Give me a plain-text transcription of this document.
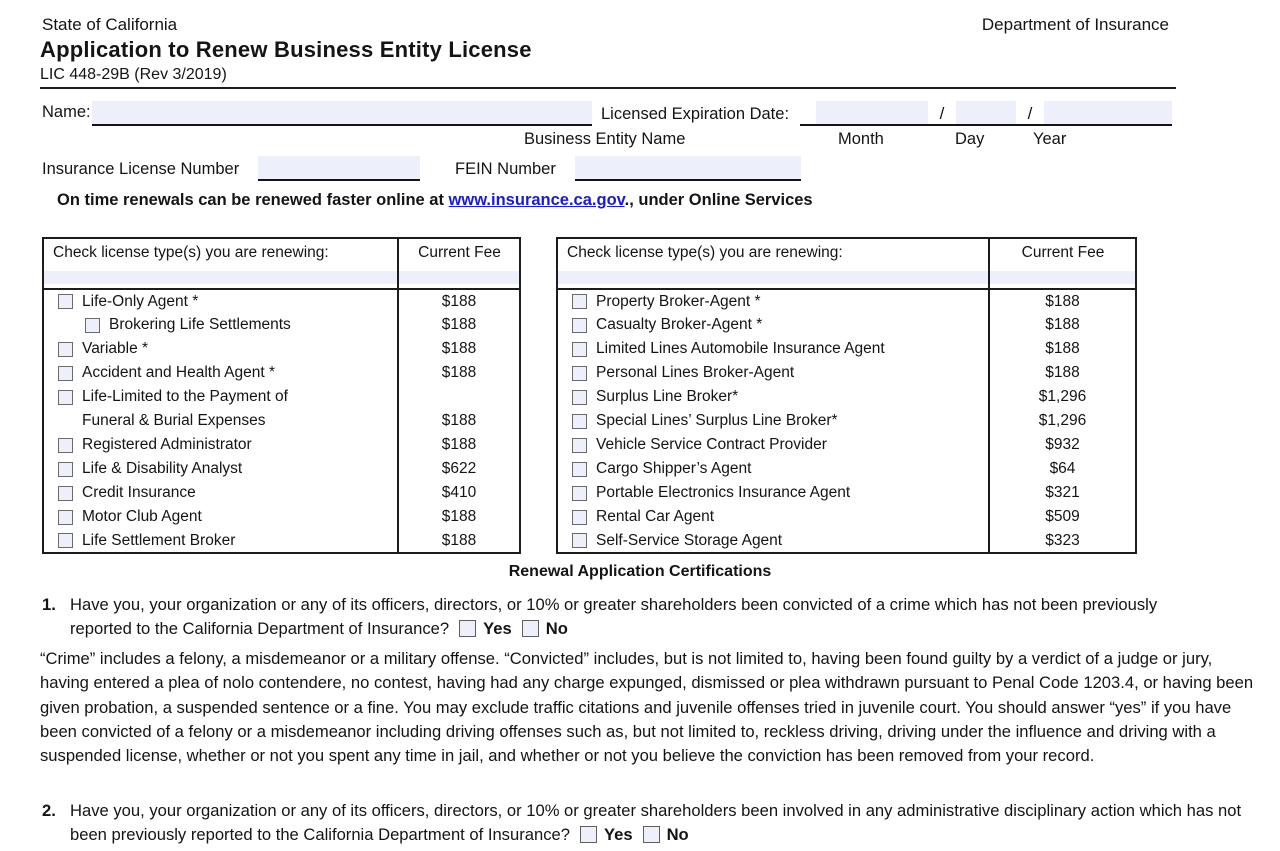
State of California	Department of Insurance
Application to Renew Business Entity License
LIC 448-29B (Rev 3/2019)
Name:
Business Entity Name
Licensed Expiration Date:	/	/
Month	Day	Year
Insurance License Number	FEIN Number
On time renewals can be renewed faster online at www.insurance.ca.gov., under Online Services
Check license type(s) you are renewing:	Current Fee

Life-Only Agent *	$188

Brokering Life Settlements	$188

Variable *	$188

Accident and Health Agent *	$188

Life-Limited to the Payment of	

Funeral & Burial Expenses	$188

Registered Administrator	$188

Life & Disability Analyst	$622

Credit Insurance	$410

Motor Club Agent	$188

Life Settlement Broker	$188
Check license type(s) you are renewing:	Current Fee

Property Broker-Agent *	$188

Casualty Broker-Agent *	$188

Limited Lines Automobile Insurance Agent	$188

Personal Lines Broker-Agent	$188

Surplus Line Broker*	$1,296

Special Lines’ Surplus Line Broker*	$1,296

Vehicle Service Contract Provider	$932

Cargo Shipper’s Agent	$64

Portable Electronics Insurance Agent	$321

Rental Car Agent	$509

Self-Service Storage Agent	$323
Renewal Application Certifications
1. Have you, your organization or any of its officers, directors, or 10% or greater shareholders been convicted of a crime which has not been previously reported to the California Department of Insurance? Yes No
“Crime” includes a felony, a misdemeanor or a military offense. “Convicted” includes, but is not limited to, having been found guilty by a verdict of a judge or jury, having entered a plea of nolo contendere, no contest, having had any charge expunged, dismissed or plea withdrawn pursuant to Penal Code 1203.4, or having been given probation, a suspended sentence or a fine. You may exclude traffic citations and juvenile offenses tried in juvenile court. You should answer “yes” if you have been convicted of a felony or a misdemeanor including driving offenses such as, but not limited to, reckless driving, driving under the influence and driving with a suspended license, whether or not you spent any time in jail, and whether or not you believe the conviction has been removed from your record.
2. Have you, your organization or any of its officers, directors, or 10% or greater shareholders been involved in any administrative disciplinary action which has not been previously reported to the California Department of Insurance? Yes No
